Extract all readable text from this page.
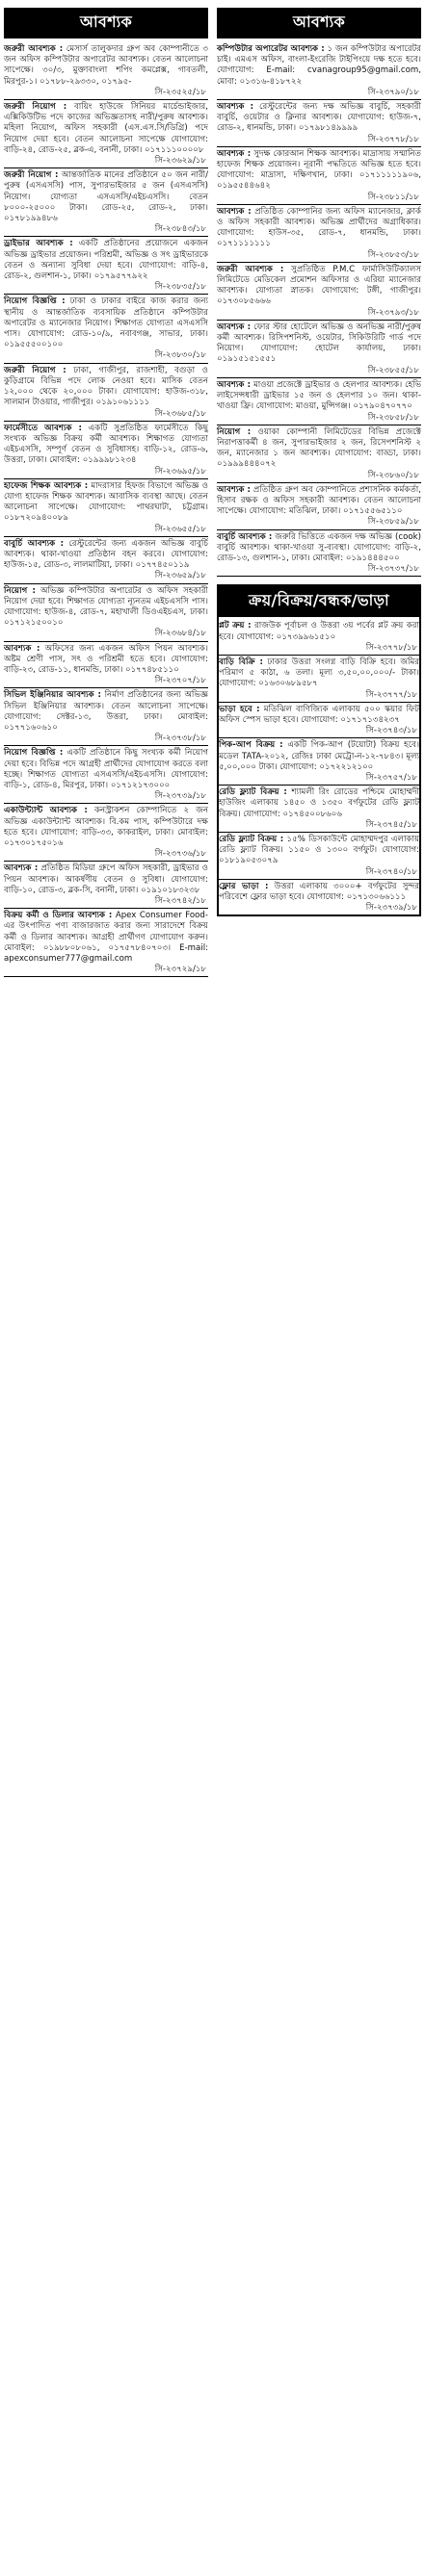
আবশ্যক
জরুরী আবশ্যক : মেসার্স তালুকদার গ্রুপ অব কোম্পানীতে ৩ জন অফিস কম্পিউটার অপারেটর আবশ্যক। বেতন আলোচনা সাপেক্ষে। ৩০/৩, মুক্তাবাংলা শপিং কমপ্লেক্স, গাবতলী, মিরপুর-১। ০১৭৮৮-২৯৩৩০, ০১৭৯৫-
সি-২৩৫২৫/১৮
জরুরী নিয়োগ : বায়িং হাউজে সিনিয়র মার্চেন্ডাইজার, এক্সিকিউটিভ পদে কাজের অভিজ্ঞতাসহ নারী/পুরুষ আবশ্যক। মহিলা নিয়োগ, অফিস সহকারী (এস.এস.সি/ডিগ্রি) পদে নিয়োগ দেয়া হবে। বেতন আলোচনা সাপেক্ষে যোগাযোগ: বাড়ি-২৪, রোড-২৫, ব্লক-এ, বনানী, ঢাকা। ০১৭১১১০০০০৮
সি-২৩৬২৯/১৮
জরুরী নিয়োগ : আন্তর্জাতিক মানের প্রতিষ্ঠানে ৫০ জন নারী/পুরুষ (এসএসসি) পাস, সুপারভাইজার ৫ জন (এসএসসি) নিয়োগ। যোগ্যতা এসএসসি/এইচএসসি। বেতন ৮০০০-২৫০০০ টাকা। রোড-২৫, রোড-২, ঢাকা। ০১৭৮১৯৯৪৮৬
সি-২৩৮৪৩/১৮
ড্রাইভার আবশ্যক : একটি প্রতিষ্ঠানের প্রয়োজনে একজন অভিজ্ঞ ড্রাইভার প্রয়োজন। পরিশ্রমী, অভিজ্ঞ ও সৎ ড্রাইভারকে বেতন ও অন্যান্য সুবিধা দেয়া হবে। যোগাযোগ: বাড়ি-৪, রোড-২, গুলশান-১, ঢাকা। ০১৭৯৫৭৭৯২২
সি-২৩৮৩৫/১৮
নিয়োগ বিজ্ঞপ্তি : ঢাকা ও ঢাকার বাইরে কাজ করার জন্য স্থানীয় ও আন্তর্জাতিক ব্যবসায়িক প্রতিষ্ঠানে কম্পিউটার অপারেটর ও ম্যানেজার নিয়োগ। শিক্ষাগত যোগ্যতা এসএসসি পাস। যোগাযোগ: রোড-১০/৯, নবাবগঞ্জ, সাভার, ঢাকা। ০১৯৫৫৫০০১০০
সি-২৩৮৩০/১৮
জরুরী নিয়োগ : ঢাকা, গাজীপুর, রাজশাহী, বগুড়া ও কুড়িগ্রামে বিভিন্ন পদে লোক নেওয়া হবে। মাসিক বেতন ১২,০০০ থেকে ২০,০০০ টাকা। যোগাযোগ: হাউজ-৩১৮, সালমান টাওয়ার, গাজীপুর। ০১৯১০৬১১১১
সি-২৩৬৮৫/১৮
ফার্মেসীতে আবশ্যক : একটি সুপ্রতিষ্ঠিত ফার্মেসীতে কিছু সংখ্যক অভিজ্ঞ বিক্রয় কর্মী আবশ্যক। শিক্ষাগত যোগ্যতা এইচএসসি, সম্পূর্ণ বেতন ও সুবিধাসহ। বাড়ি-১২, রোড-৬, উত্তরা, ঢাকা। মোবাইল: ০১৯৯৯৮১২৩৪
সি-২৩৬৯৫/১৮
হাফেজ শিক্ষক আবশ্যক : মাদরাসার হিফজ বিভাগে অভিজ্ঞ ও যোগ্য হাফেজ শিক্ষক আবশ্যক। আবাসিক ব্যবস্থা আছে। বেতন আলোচনা সাপেক্ষে। যোগাযোগ: পাথরঘাটা, চট্টগ্রাম। ০১৮৭২০৯৪০০৮৯
সি-২৩৬৫৫/১৮
বাবুর্চি আবশ্যক : রেস্টুরেন্টের জন্য একজন অভিজ্ঞ বাবুর্চি আবশ্যক। থাকা-খাওয়া প্রতিষ্ঠান বহন করবে। যোগাযোগ: হাউজ-১৫, রোড-৩, লালমাটিয়া, ঢাকা। ০১৭৭৪৫০১১৯
সি-২৩৬৫৯/১৮
নিয়োগ : অভিজ্ঞ কম্পিউটার অপারেটর ও অফিস সহকারী নিয়োগ দেয়া হবে। শিক্ষাগত যোগ্যতা ন্যূনতম এইচএসসি পাস। যোগাযোগ: হাউজ-৪, রোড-৭, মহাখালী ডিওএইচএস, ঢাকা। ০১৭১২১৫০০১০
সি-২৩৬৮৪/১৮
আবশ্যক : অফিসের জন্য একজন অফিস পিয়ন আবশ্যক। অষ্টম শ্রেণী পাস, সৎ ও পরিশ্রমী হতে হবে। যোগাযোগ: বাড়ি-২৩, রোড-১১, ধানমন্ডি, ঢাকা। ০১৭৭৪৮৫১১০
সি-২৩৭০৭/১৮
সিভিল ইঞ্জিনিয়ার আবশ্যক : নির্মাণ প্রতিষ্ঠানের জন্য অভিজ্ঞ সিভিল ইঞ্জিনিয়ার আবশ্যক। বেতন আলোচনা সাপেক্ষে। যোগাযোগ: সেক্টর-১৩, উত্তরা, ঢাকা। মোবাইল: ০১৭৭১৬০৬১০
সি-২৩৭৩৮/১৮
নিয়োগ বিজ্ঞপ্তি : একটি প্রতিষ্ঠানে কিছু সংখ্যক কর্মী নিয়োগ দেয়া হবে। বিভিন্ন পদে আগ্রহী প্রার্থীদের যোগাযোগ করতে বলা হচ্ছে। শিক্ষাগত যোগ্যতা এসএসসি/এইচএসসি। যোগাযোগ: বাড়ি-১, রোড-৪, মিরপুর, ঢাকা। ০১৭১২১৭৩০০০
সি-২৩৭৩৯/১৮
একাউন্ট্যান্ট আবশ্যক : কনস্ট্রাকশন কোম্পানিতে ২ জন অভিজ্ঞ একাউন্ট্যান্ট আবশ্যক। বি.কম পাস, কম্পিউটারে দক্ষ হতে হবে। যোগাযোগ: বাড়ি-৩৩, কাকরাইল, ঢাকা। মোবাইল: ০১৭৩০১৭৫০১৬
সি-২৩৭৩৬/১৮
আবশ্যক : প্রতিষ্ঠিত মিডিয়া গ্রুপে অফিস সহকারী, ড্রাইভার ও পিয়ন আবশ্যক। আকর্ষণীয় বেতন ও সুবিধা। যোগাযোগ: বাড়ি-১০, রোড-৩, ব্লক-সি, বনানী, ঢাকা। ০১৯১০১৮৩২৩৮
সি-২৩৭৪২/১৮
বিক্রয় কর্মী ও ডিলার আবশ্যক : Apex Consumer Food-এর উৎপাদিত পণ্য বাজারজাত করার জন্য সারাদেশে বিক্রয় কর্মী ও ডিলার আবশ্যক। আগ্রহী প্রার্থীগণ যোগাযোগ করুন। মোবাইল: ০১৯৮৮০৮০৬১, ০১৭৫৭৮৪০৭০৩। E-mail: apexconsumer777@gmail.com
সি-২৩৭২৯/১৮
আবশ্যক
কম্পিউটার অপারেটর আবশ্যক : ১ জন কম্পিউটার অপারেটর চাই। এমএস অফিস, বাংলা-ইংরেজি টাইপিংয়ে দক্ষ হতে হবে। যোগাযোগ: E-mail: cvanagroup95@gmail.com, মোবা: ০১৩১৬-৪১৮৭২২
সি-২৩৭৯০/১৮
আবশ্যক : রেস্টুরেন্টের জন্য দক্ষ অভিজ্ঞ বাবুর্চি, সহকারী বাবুর্চি, ওয়েটার ও ক্লিনার আবশ্যক। যোগাযোগ: হাউজ-৭, রোড-২, ধানমন্ডি, ঢাকা। ০১৭৯৮১৪৯৯৯৯
সি-২৩৭৭৮/১৮
আবশ্যক : সুদক্ষ কোরআন শিক্ষক আবশ্যক। মাদ্রাসায় সম্মানিত হাফেজ শিক্ষক প্রয়োজন। নূরানী পদ্ধতিতে অভিজ্ঞ হতে হবে। যোগাযোগ: মাদ্রাসা, দক্ষিণখান, ঢাকা। ০১৭১১১১১৯০৬, ০১৯৫৫৪৪৬৪২
সি-২৩৮১১/১৮
আবশ্যক : প্রতিষ্ঠিত কোম্পানির জন্য অফিস ম্যানেজার, ক্লার্ক ও অফিস সহকারী আবশ্যক। অভিজ্ঞ প্রার্থীদের অগ্রাধিকার। যোগাযোগ: হাউস-৩৫, রোড-৭, ধানমন্ডি, ঢাকা। ০১৭১১১১১১১
সি-২৩৮৫৩/১৮
জরুরী আবশ্যক : সুপ্রতিষ্ঠিত P.M.C ফার্মাসিউটিক্যালস লিমিটেডে মেডিকেল প্রমোশন অফিসার ও এরিয়া ম্যানেজার আবশ্যক। যোগ্যতা স্নাতক। যোগাযোগ: টঙ্গী, গাজীপুর। ০১৭৩০৮৫৬৬৬
সি-২৩৭৯৩/১৮
আবশ্যক : ফোর স্টার হোটেলে অভিজ্ঞ ও অনভিজ্ঞ নারী/পুরুষ কর্মী আবশ্যক। রিসিপশনিস্ট, ওয়েটার, সিকিউরিটি গার্ড পদে নিয়োগ। যোগাযোগ: হোটেল কার্যালয়, ঢাকা। ০১৯১৫১৫১৫৫১
সি-২৩৮৫৫/১৮
আবশ্যক : মাওয়া প্রজেক্টে ড্রাইভার ও হেলপার আবশ্যক। হেভি লাইসেন্সধারী ড্রাইভার ১৫ জন ও হেলপার ১০ জন। থাকা-খাওয়া ফ্রি। যোগাযোগ: মাওয়া, মুন্সিগঞ্জ। ০১৭৯০৪৭০৭৭০
সি-২৩৮৫৮/১৮
নিয়োগ : ওয়াকা কোম্পানী লিমিটেডের বিভিন্ন প্রজেক্টে নিরাপত্তাকর্মী ৪ জন, সুপারভাইজার ২ জন, রিসেপশনিস্ট ২ জন, ম্যানেজার ১ জন আবশ্যক। যোগাযোগ: বাড্ডা, ঢাকা। ০১৯৯৯৪৪৪০৭২
সি-২৩৮৬০/১৮
আবশ্যক : প্রতিষ্ঠিত গ্রুপ অব কোম্পানিতে প্রশাসনিক কর্মকর্তা, হিসাব রক্ষক ও অফিস সহকারী আবশ্যক। বেতন আলোচনা সাপেক্ষে। যোগাযোগ: মতিঝিল, ঢাকা। ০১৭১৫৫৬৫১১০
সি-২৩৮৫৯/১৮
বাবুর্চি আবশ্যক : জরুরি ভিত্তিতে একজন দক্ষ অভিজ্ঞ (cook) বাবুর্চি আবশ্যক। থাকা-খাওয়া সু-ব্যবস্থা। যোগাযোগ: বাড়ি-২, রোড-১৩, গুলশান-১, ঢাকা। মোবাইল: ০১৯১৪৪৪৫০০
সি-২৩৭৩৭/১৮
ক্রয়/বিক্রয়/বন্ধক/ভাড়া
প্লট ক্রয় : রাজউক পূর্বাচল ও উত্তরা ৩য় পর্বের প্লট ক্রয় করা হবে। যোগাযোগ: ০১৭৩৯৯৬১৫১০
সি-২৩৭৭৮/১৮
বাড়ি বিক্রি : ঢাকার উত্তরা সংলগ্ন বাড়ি বিক্রি হবে। জমির পরিমাণ ৫ কাঠা, ৬ তলা। মূল্য ৩,৫০,০০,০০০/- টাকা। যোগাযোগ: ০১৬৩০৬৮৯৫৮৭
সি-২৩৭৭৭/১৮
ভাড়া হবে : মতিঝিল বাণিজ্যিক এলাকায় ৫০০ স্কয়ার ফিট অফিস স্পেস ভাড়া হবে। যোগাযোগ: ০১৭১৭১৩৪২৩৭
সি-২৩৭৪৩/১৮
পিক-আপ বিক্রয় : একটি পিক-আপ (টয়োটা) বিক্রয় হবে। মডেল TATA-২০১২, রেজিঃ ঢাকা মেট্রো-ন-১২-৭৮৪৩। মূল্য ৫,০০,০০০ টাকা। যোগাযোগ: ০১৭২২১২১০০
সি-২৩৭৫৭/১৮
রেডি ফ্ল্যাট বিক্রয় : শ্যামলী রিং রোডের পশ্চিমে মোহাম্মদী হাউজিং এলাকায় ১৪৫০ ও ১৩৫০ বর্গফুটের রেডি ফ্ল্যাট বিক্রয়। যোগাযোগ: ০১৭৪৫০০৮৬০৬
সি-২৩৭৪৫/১৮
রেডি ফ্ল্যাট বিক্রয় : ১৫% ডিসকাউন্টে মোহাম্মদপুর এলাকায় রেডি ফ্ল্যাট বিক্রয়। ১১৫০ ও ১৩০০ বর্গফুট। যোগাযোগ: ০১৮১৯০৫৩০৭৯
সি-২৩৭৪০/১৮
ফ্লোর ভাড়া : উত্তরা এলাকায় ৩০০০+ বর্গফুটের সুন্দর পরিবেশে ফ্লোর ভাড়া হবে। যোগাযোগ: ০১৭১৩০৬৬১১১
সি-২৩৭৩৯/১৮
